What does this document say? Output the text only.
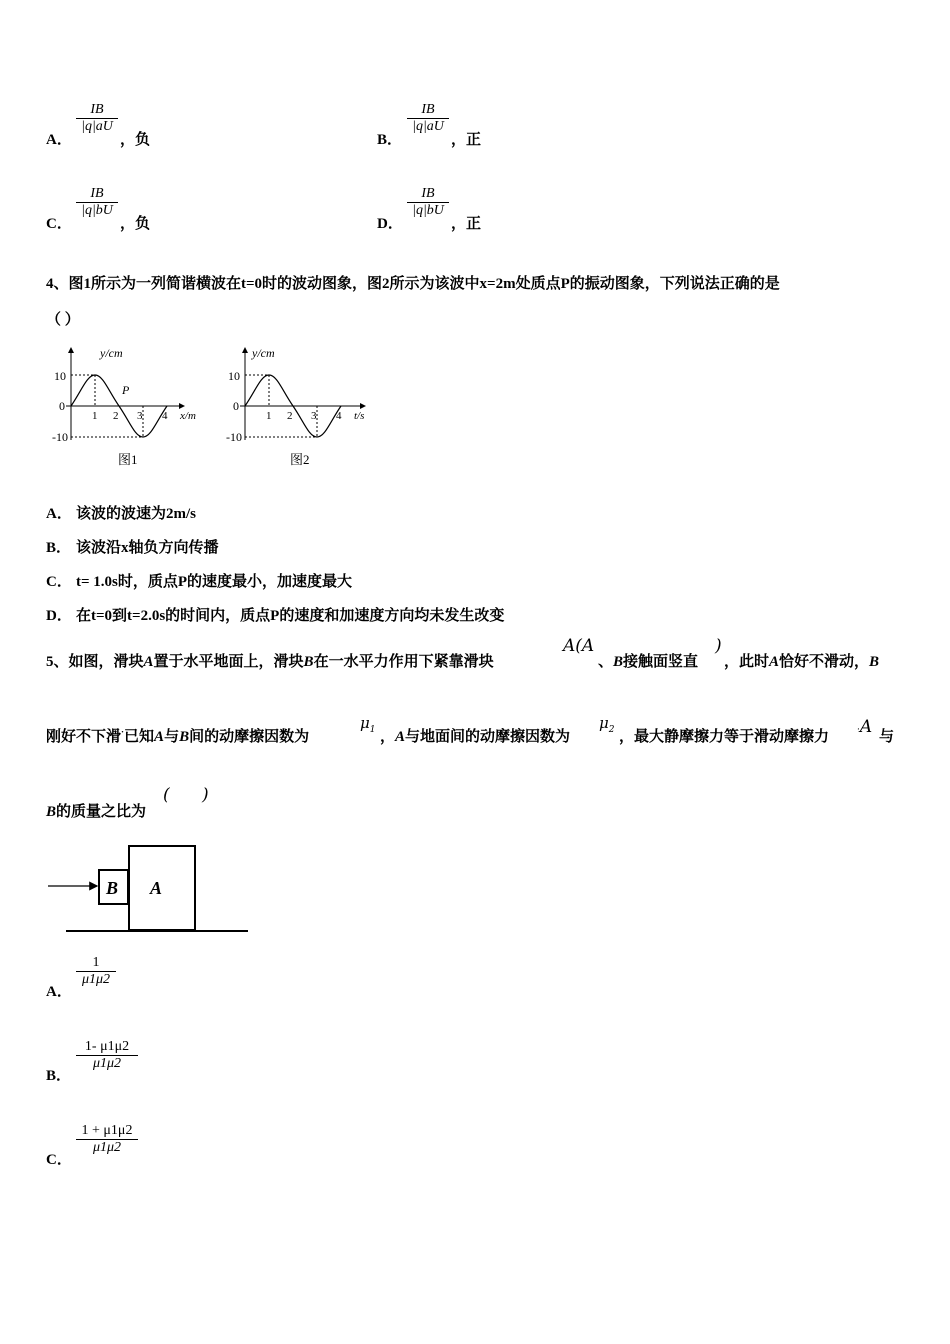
A．
IB
|q|aU
，负	B．
IB
|q|aU
，正
C．
IB
|q|bU
，负	D．
IB
|q|bU
，正
4、图1所示为一列简谐横波在t=0时的波动图象，图2所示为该波中x=2m处质点P的振动图象，下列说法正确的是
（ ）
y/cm
10
0
-10
1 2 3 4 x/m
P
图1
y/cm
10
0
-10
1 2 3 4 t/s
图2
A． 该波的波速为2m/s
B． 该波沿x轴负方向传播
C． t= 1.0s时，质点P的速度最小，加速度最大
D． 在t=0到t=2.0s的时间内，质点P的速度和加速度方向均未发生改变
5、如图，滑块A置于水平地面上，滑块B在一水平力作用下紧靠滑块
A(A
、B接触面竖直
)
，此时A恰好不滑动，B
刚好不下滑·已知A与B间的动摩擦因数为
$\mu_1$ ，A与地面间的动摩擦因数为
$\mu_2$ ，最大静摩擦力等于滑动摩擦力	·A 与
B的质量之比为
(      )
B A
A．
1
μ1μ2
B．
1- μ1μ2
μ1μ2
C．
1 + μ1μ2
μ1μ2
